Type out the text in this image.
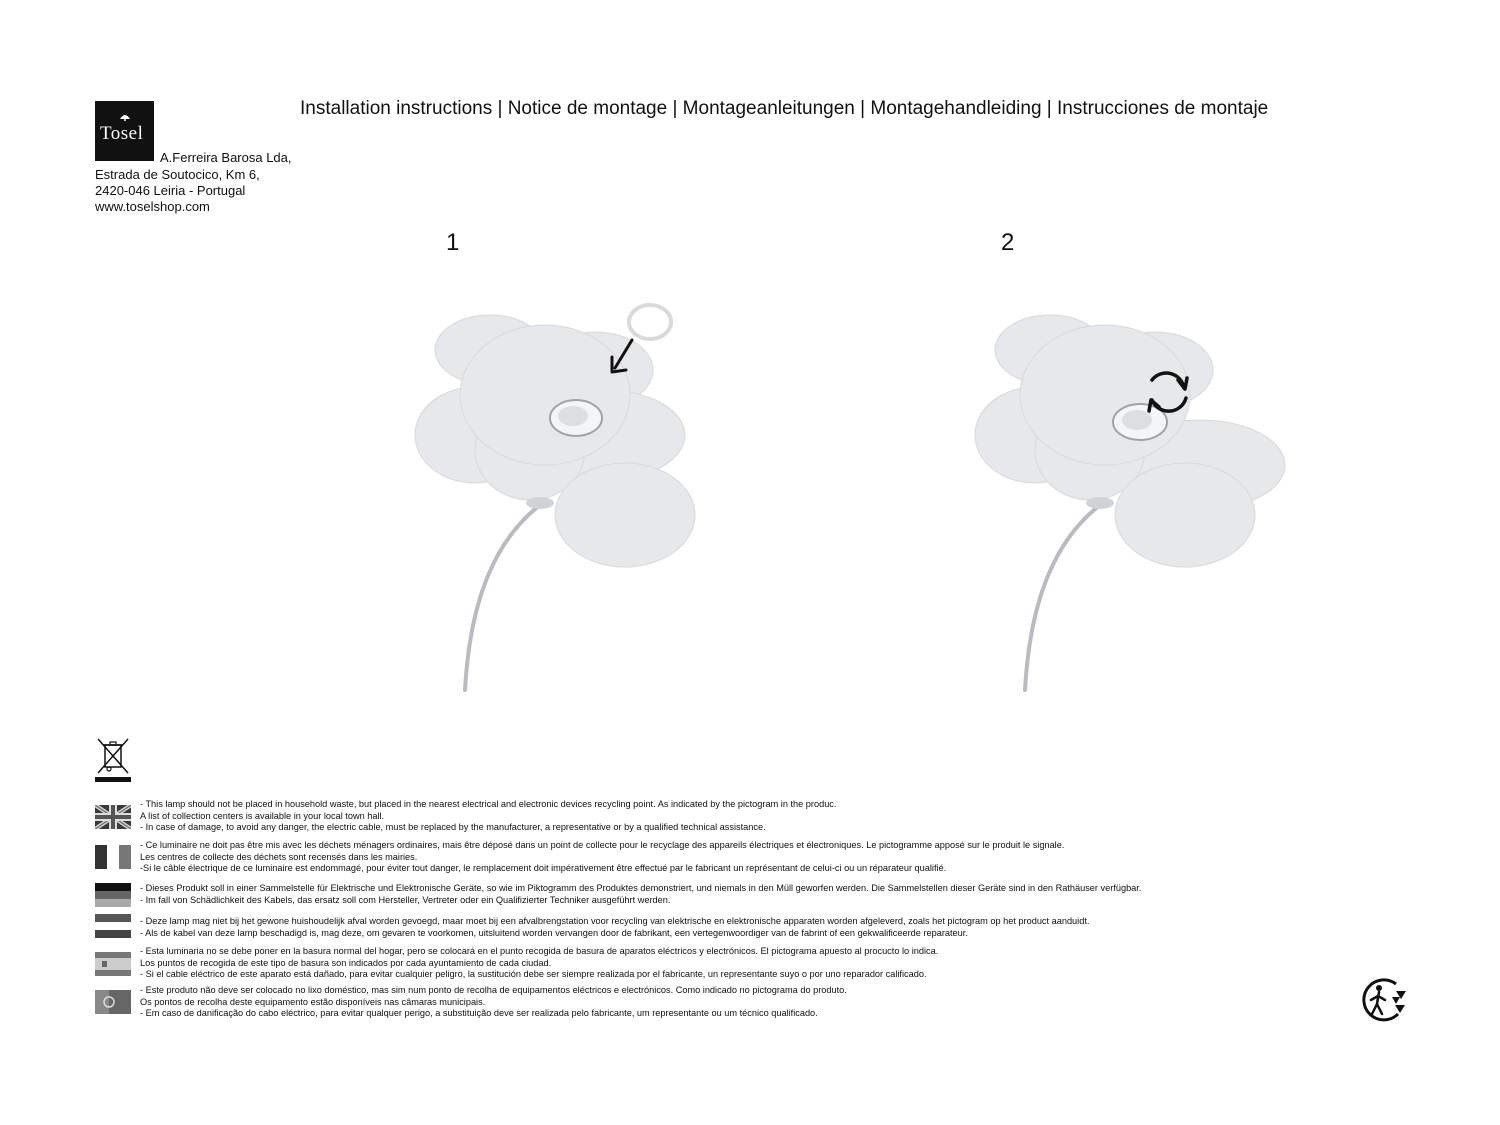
Tosel
A.Ferreira Barosa Lda,
Estrada de Soutocico, Km 6,
2420-046 Leiria - Portugal
www.toselshop.com
Installation instructions | Notice de montage | Montageanleitungen | Montagehandleiding | Instrucciones de montaje
1	2
- This lamp should not be placed in household waste, but placed in the nearest electrical and electronic devices recycling point. As indicated by the pictogram in the produc.
A list of collection centers is available in your local town hall.
- In case of damage, to avoid any danger, the electric cable, must be replaced by the manufacturer, a representative or by a qualified technical assistance.
- Ce luminaire ne doit pas être mis avec les déchets ménagers ordinaires, mais être déposé dans un point de collecte pour le recyclage des appareils électriques et électroniques. Le pictogramme apposé sur le produit le signale.
Les centres de collecte des déchets sont recensés dans les mairies.
-Si le câble électrique de ce luminaire est endommagé, pour éviter tout danger, le remplacement doit impérativement être effectué par le fabricant un représentant de celui-ci ou un réparateur qualifié.
- Dieses Produkt soll in einer Sammelstelle für Elektrische und Elektronische Geräte, so wie im Piktogramm des Produktes demonstriert, und niemals in den Müll geworfen werden. Die Sammelstellen dieser Geräte sind in den Rathäuser verfügbar.
- Im fall von Schädlichkeit des Kabels, das ersatz soll com Hersteller, Vertreter oder ein Qualifizierter Techniker ausgeführt werden.
- Deze lamp mag niet bij het gewone huishoudelijk afval worden gevoegd, maar moet bij een afvalbrengstation voor recycling van elektrische en elektronische apparaten worden afgeleverd, zoals het pictogram op het product aanduidt.
- Als de kabel van deze lamp beschadigd is, mag deze, om gevaren te voorkomen, uitsluitend worden vervangen door de fabrikant, een vertegenwoordiger van de fabrint of een gekwalificeerde reparateur.
- Esta luminaria no se debe poner en la basura normal del hogar, pero se colocará en el punto recogida de basura de aparatos eléctricos y electrónicos. El pictograma apuesto al procucto lo indica.
Los puntos de recogida de este tipo de basura son indicados por cada ayuntamiento de cada ciudad.
- Si el cable eléctrico de este aparato está dañado, para evitar cualquier peligro, la sustitución debe ser siempre realizada por el fabricante, un representante suyo o por uno reparador calificado.
- Este produto não deve ser colocado no lixo doméstico, mas sim num ponto de recolha de equipamentos eléctricos e electrónicos. Como indicado no pictograma do produto.
Os pontos de recolha deste equipamento estão disponíveis nas câmaras municipais.
- Em caso de danificação do cabo eléctrico, para evitar qualquer perigo, a substituição deve ser realizada pelo fabricante, um representante ou um técnico qualificado.
